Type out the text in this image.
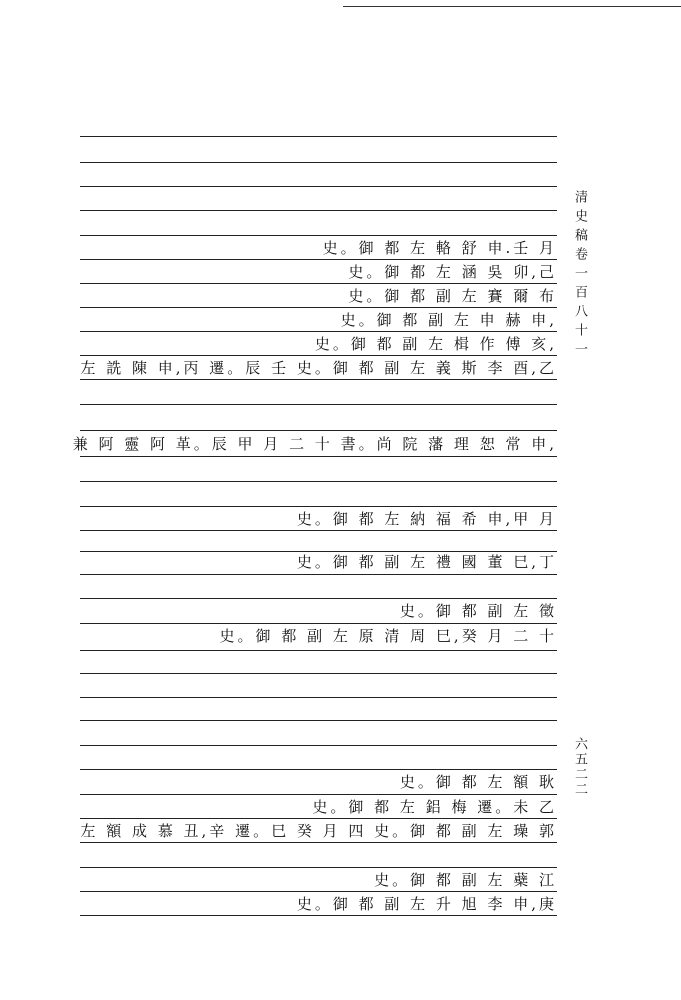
史。御 都 左 輅 舒 申.壬 月
史。御 都 左 涵 吳 卯,己
史。御 都 副 左 賽 爾 布
史。御 都 副 左 申 赫 申,
史。御 都 副 左 楫 作 傅 亥,
左 詵 陳 申,丙 遷。辰 壬 史。御 都 副 左 義 斯 李 酉,乙
兼 阿 靈 阿 革。辰 甲 月 二 十 書。尚 院 藩 理 恕 常 申,
史。御 都 左 納 福 希 申,甲 月
史。御 都 副 左 禮 國 董 巳,丁
史。御 都 副 左 徵
史。御 都 副 左 原 清 周 巳,癸 月 二 十
史。御 都 左 額 耿
史。御 都 左 鋁 梅 遷。未 乙
左 額 成 慕 丑,辛 遷。巳 癸 月 四 史。御 都 副 左 璪 郭
史。御 都 副 左 蘗 江
史。御 都 副 左 升 旭 李 申,庚
清史稿卷一百八十一
六五二二
